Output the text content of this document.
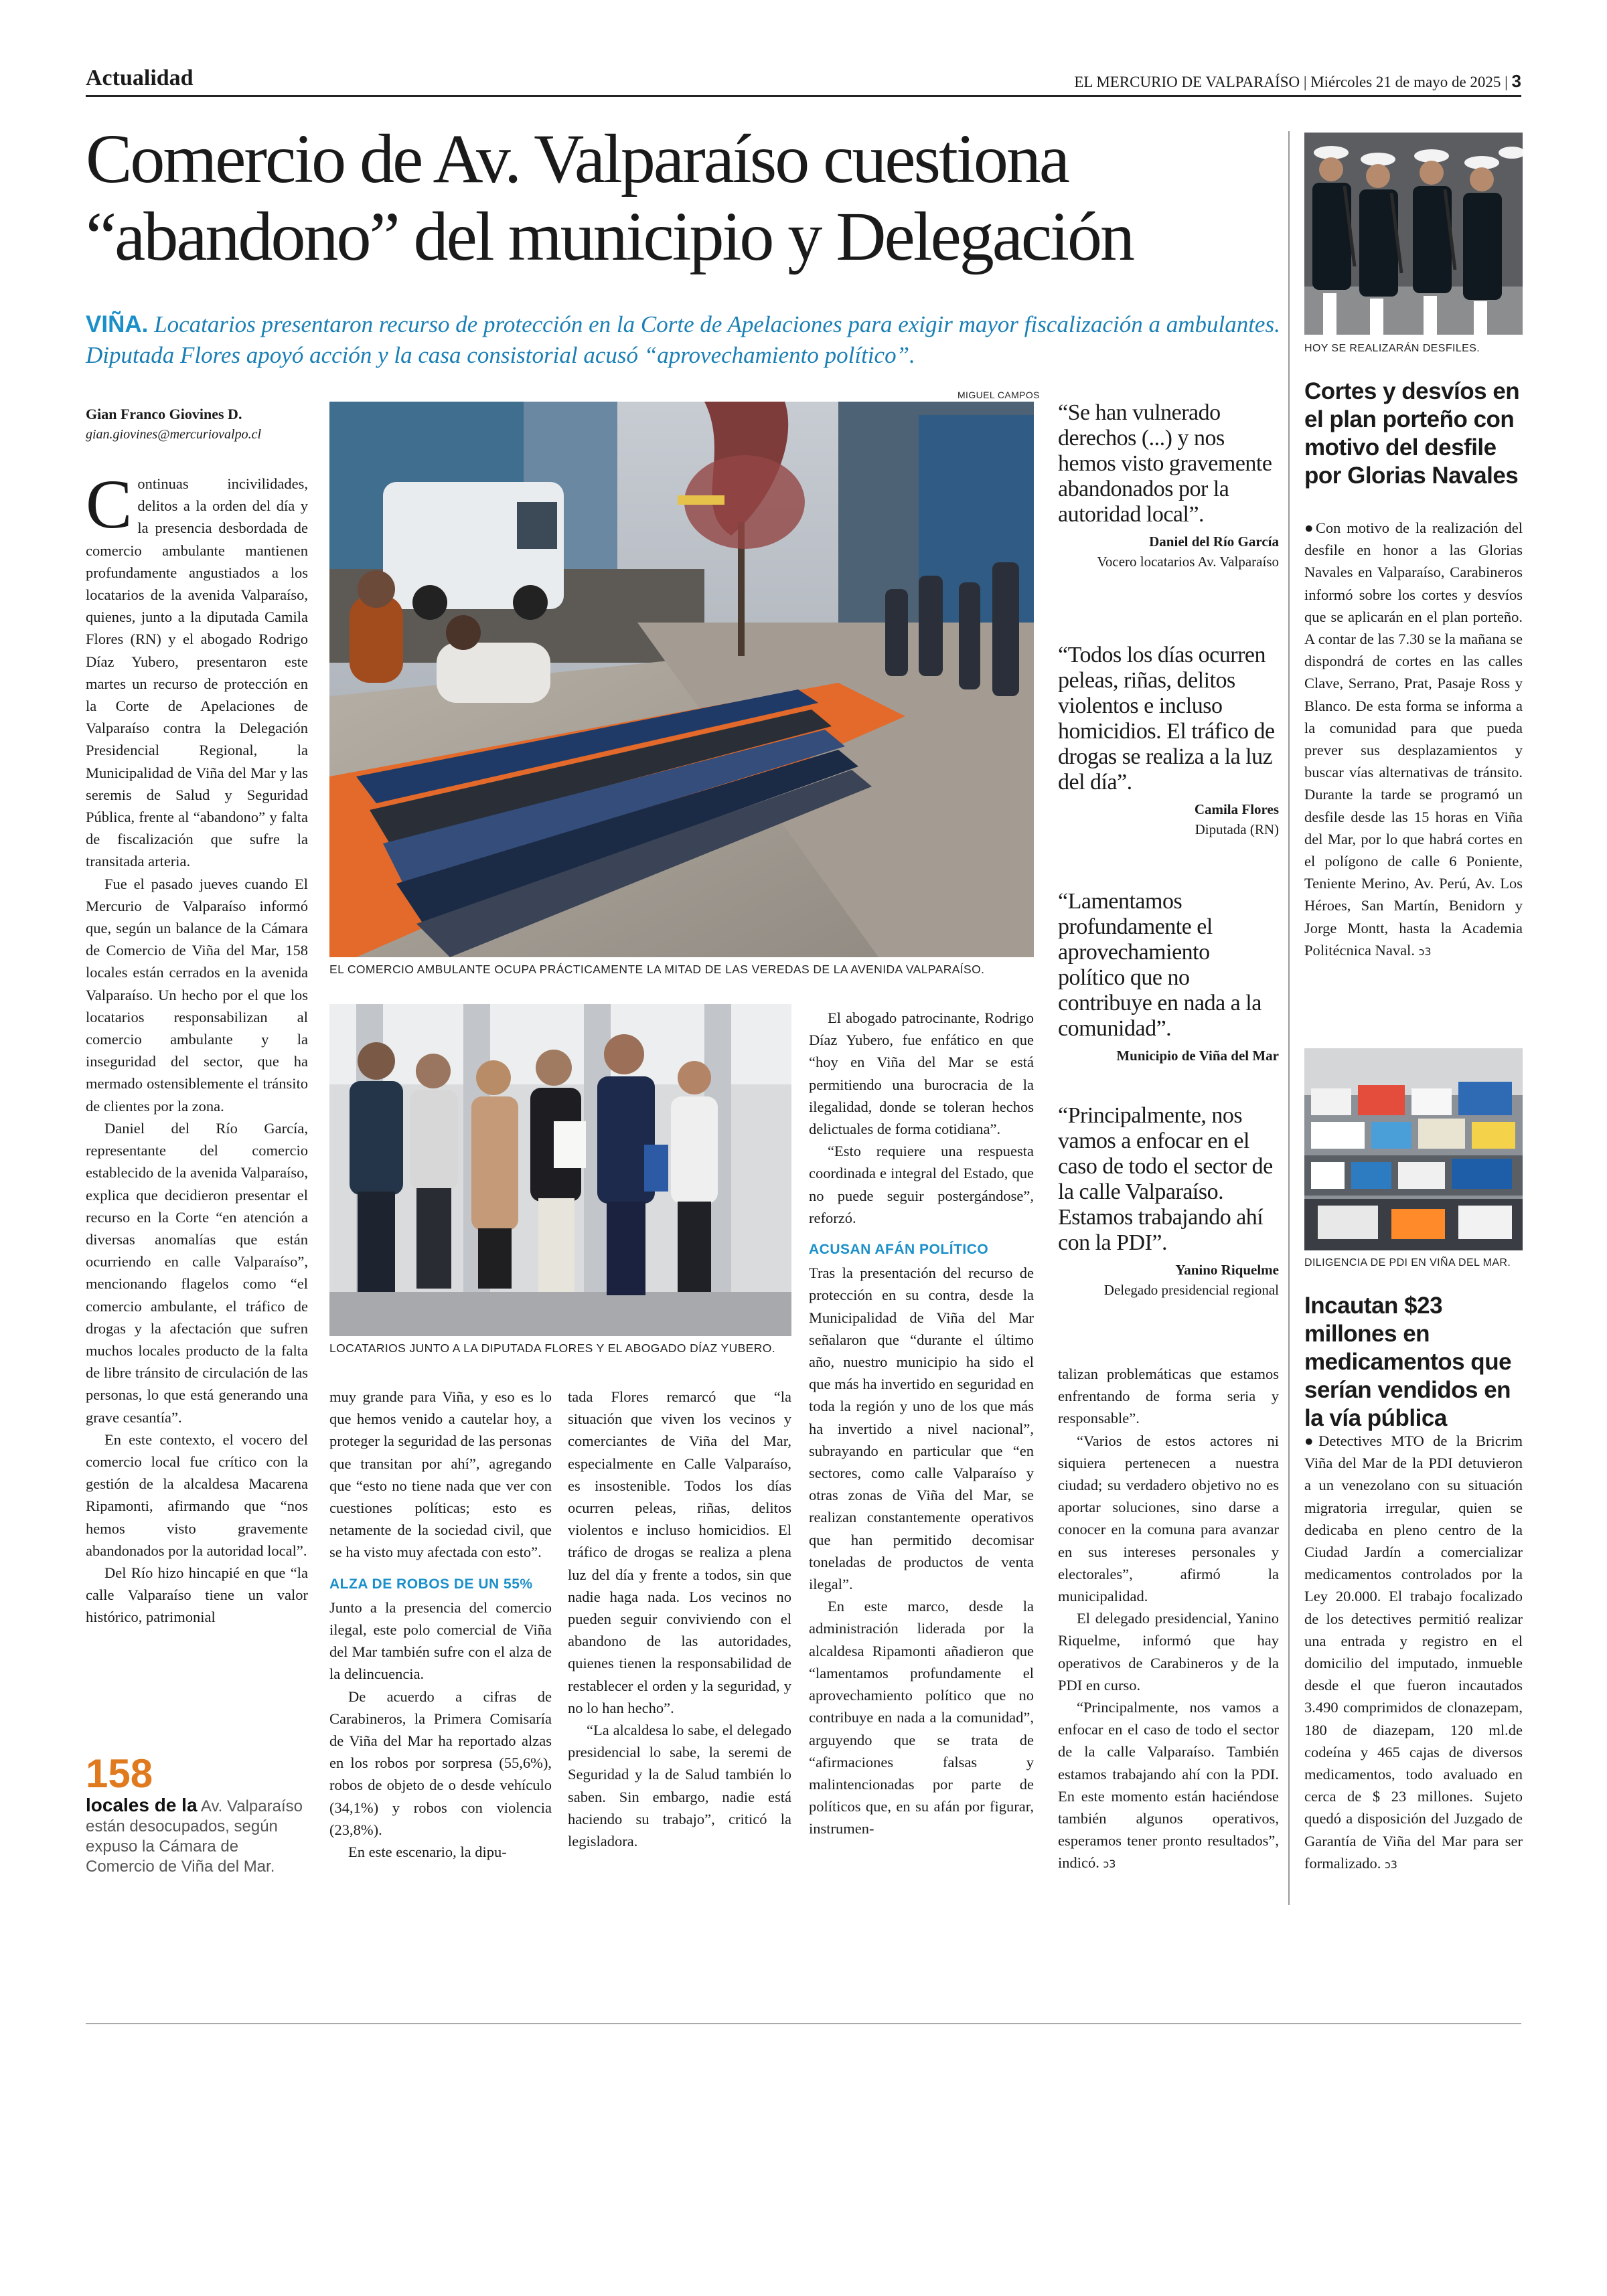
Actualidad	EL MERCURIO DE VALPARAÍSO | Miércoles 21 de mayo de 2025 | 3
Comercio de Av. Valparaíso cuestiona
“abandono” del municipio y Delegación
VIÑA. Locatarios presentaron recurso de protección en la Corte de Apelaciones para exigir mayor fiscalización a ambulantes. Diputada Flores apoyó acción y la casa consistorial acusó “aprovechamiento político”.
Gian Franco Giovines D.
gian.giovines@mercuriovalpo.cl
MIGUEL CAMPOS
EL COMERCIO AMBULANTE OCUPA PRÁCTICAMENTE LA MITAD DE LAS VEREDAS DE LA AVENIDA VALPARAÍSO.
LOCATARIOS JUNTO A LA DIPUTADA FLORES Y EL ABOGADO DÍAZ YUBERO.

Continuas incivilidades, delitos a la orden del día y la presencia desbordada de comercio ambulante mantienen profundamente angustiados a los locatarios de la avenida Valparaíso, quienes, junto a la diputada Camila Flores (RN) y el abogado Rodrigo Díaz Yubero, presentaron este martes un recurso de protección en la Corte de Apelaciones de Valparaíso contra la Delegación Presidencial Regional, la Municipalidad de Viña del Mar y las seremis de Salud y Seguridad Pública, frente al “abandono” y falta de fiscalización que sufre la transitada arteria.

Fue el pasado jueves cuando El Mercurio de Valparaíso informó que, según un balance de la Cámara de Comercio de Viña del Mar, 158 locales están cerrados en la avenida Valparaíso. Un hecho por el que los locatarios responsabilizan al comercio ambulante y la inseguridad del sector, que ha mermado ostensiblemente el tránsito de clientes por la zona.

Daniel del Río García, representante del comercio establecido de la avenida Valparaíso, explica que decidieron presentar el recurso en la Corte “en atención a diversas anomalías que están ocurriendo en calle Valparaíso”, mencionando flagelos como “el comercio ambulante, el tráfico de drogas y la afectación que sufren muchos locales producto de la falta de libre tránsito de circulación de las personas, lo que está generando una grave cesantía”.

En este contexto, el vocero del comercio local fue crítico con la gestión de la alcaldesa Macarena Ripamonti, afirmando que “nos hemos visto gravemente abandonados por la autoridad local”.

Del Río hizo hincapié en que “la calle Valparaíso tiene un valor histórico, patrimonial

158
locales de la Av. Valparaíso están desocupados, según expuso la Cámara de Comercio de Viña del Mar.

muy grande para Viña, y eso es lo que hemos venido a cautelar hoy, a proteger la seguridad de las personas que transitan por ahí”, agregando que “esto no tiene nada que ver con cuestiones políticas; esto es netamente de la sociedad civil, que se ha visto muy afectada con esto”.

ALZA DE ROBOS DE UN 55%

Junto a la presencia del comercio ilegal, este polo comercial de Viña del Mar también sufre con el alza de la delincuencia.

De acuerdo a cifras de Carabineros, la Primera Comisaría de Viña del Mar ha reportado alzas en los robos por sorpresa (55,6%), robos de objeto de o desde vehículo (34,1%) y robos con violencia (23,8%).

En este escenario, la dipu-

tada Flores remarcó que “la situación que viven los vecinos y comerciantes de Viña del Mar, especialmente en Calle Valparaíso, es insostenible. Todos los días ocurren peleas, riñas, delitos violentos e incluso homicidios. El tráfico de drogas se realiza a plena luz del día y frente a todos, sin que nadie haga nada. Los vecinos no pueden seguir conviviendo con el abandono de las autoridades, quienes tienen la responsabilidad de restablecer el orden y la seguridad, y no lo han hecho”.

“La alcaldesa lo sabe, el delegado presidencial lo sabe, la seremi de Seguridad y la de Salud también lo saben. Sin embargo, nadie está haciendo su trabajo”, criticó la legisladora.

El abogado patrocinante, Rodrigo Díaz Yubero, fue enfático en que “hoy en Viña del Mar se está permitiendo una burocracia de la ilegalidad, donde se toleran hechos delictuales de forma cotidiana”.

“Esto requiere una respuesta coordinada e integral del Estado, que no puede seguir postergándose”, reforzó.

ACUSAN AFÁN POLÍTICO

Tras la presentación del recurso de protección en su contra, desde la Municipalidad de Viña del Mar señalaron que “durante el último año, nuestro municipio ha sido el que más ha invertido en seguridad en toda la región y uno de los que más ha invertido a nivel nacional”, subrayando en particular que “en sectores, como calle Valparaíso y otras zonas de Viña del Mar, se realizan constantemente operativos que han permitido decomisar toneladas de productos de venta ilegal”.

En este marco, desde la administración liderada por la alcaldesa Ripamonti añadieron que “lamentamos profundamente el aprovechamiento político que no contribuye en nada a la comunidad”, arguyendo que se trata de “afirmaciones falsas y malintencionadas por parte de políticos que, en su afán por figurar, instrumen-

“Se han vulnerado derechos (...) y nos hemos visto gravemente abandonados por la autoridad local”.
Daniel del Río García
Vocero locatarios Av. Valparaíso
“Todos los días ocurren peleas, riñas, delitos violentos e incluso homicidios. El tráfico de drogas se realiza a la luz del día”.
Camila Flores
Diputada (RN)
“Lamentamos profundamente el aprovechamiento político que no contribuye en nada a la comunidad”.
Municipio de Viña del Mar
“Principalmente, nos vamos a enfocar en el caso de todo el sector de la calle Valparaíso. Estamos trabajando ahí con la PDI”.
Yanino Riquelme
Delegado presidencial regional

talizan problemáticas que estamos enfrentando de forma seria y responsable”.

“Varios de estos actores ni siquiera pertenecen a nuestra ciudad; su verdadero objetivo no es aportar soluciones, sino darse a conocer en la comuna para avanzar en sus intereses personales y electorales”, afirmó la municipalidad.

El delegado presidencial, Yanino Riquelme, informó que hay operativos de Carabineros y de la PDI en curso.

“Principalmente, nos vamos a enfocar en el caso de todo el sector de la calle Valparaíso. También estamos trabajando ahí con la PDI. En este momento están haciéndose también algunos operativos, esperamos tener pronto resultados”, indicó. ↄ3

HOY SE REALIZARÁN DESFILES.
Cortes y desvíos en el plan porteño con motivo del desfile por Glorias Navales
●Con motivo de la realización del desfile en honor a las Glorias Navales en Valparaíso, Carabineros informó sobre los cortes y desvíos que se aplicarán en el plan porteño. A contar de las 7.30 se la mañana se dispondrá de cortes en las calles Clave, Serrano, Prat, Pasaje Ross y Blanco. De esta forma se informa a la comunidad para que pueda prever sus desplazamientos y buscar vías alternativas de tránsito. Durante la tarde se programó un desfile desde las 15 horas en Viña del Mar, por lo que habrá cortes en el polígono de calle 6 Poniente, Teniente Merino, Av. Perú, Av. Los Héroes, San Martín, Benidorn y Jorge Montt, hasta la Academia Politécnica Naval. ↄ3
DILIGENCIA DE PDI EN VIÑA DEL MAR.
Incautan $23 millones en medicamentos que serían vendidos en la vía pública
●Detectives MTO de la Bricrim Viña del Mar de la PDI detuvieron a un venezolano con su situación migratoria irregular, quien se dedicaba en pleno centro de la Ciudad Jardín a comercializar medicamentos controlados por la Ley 20.000. El trabajo focalizado de los detectives permitió realizar una entrada y registro en el domicilio del imputado, inmueble desde el que fueron incautados 3.490 comprimidos de clonazepam, 180 de diazepam, 120 ml.de codeína y 465 cajas de diversos medicamentos, todo avaluado en cerca de $ 23 millones. Sujeto quedó a disposición del Juzgado de Garantía de Viña del Mar para ser formalizado. ↄ3
